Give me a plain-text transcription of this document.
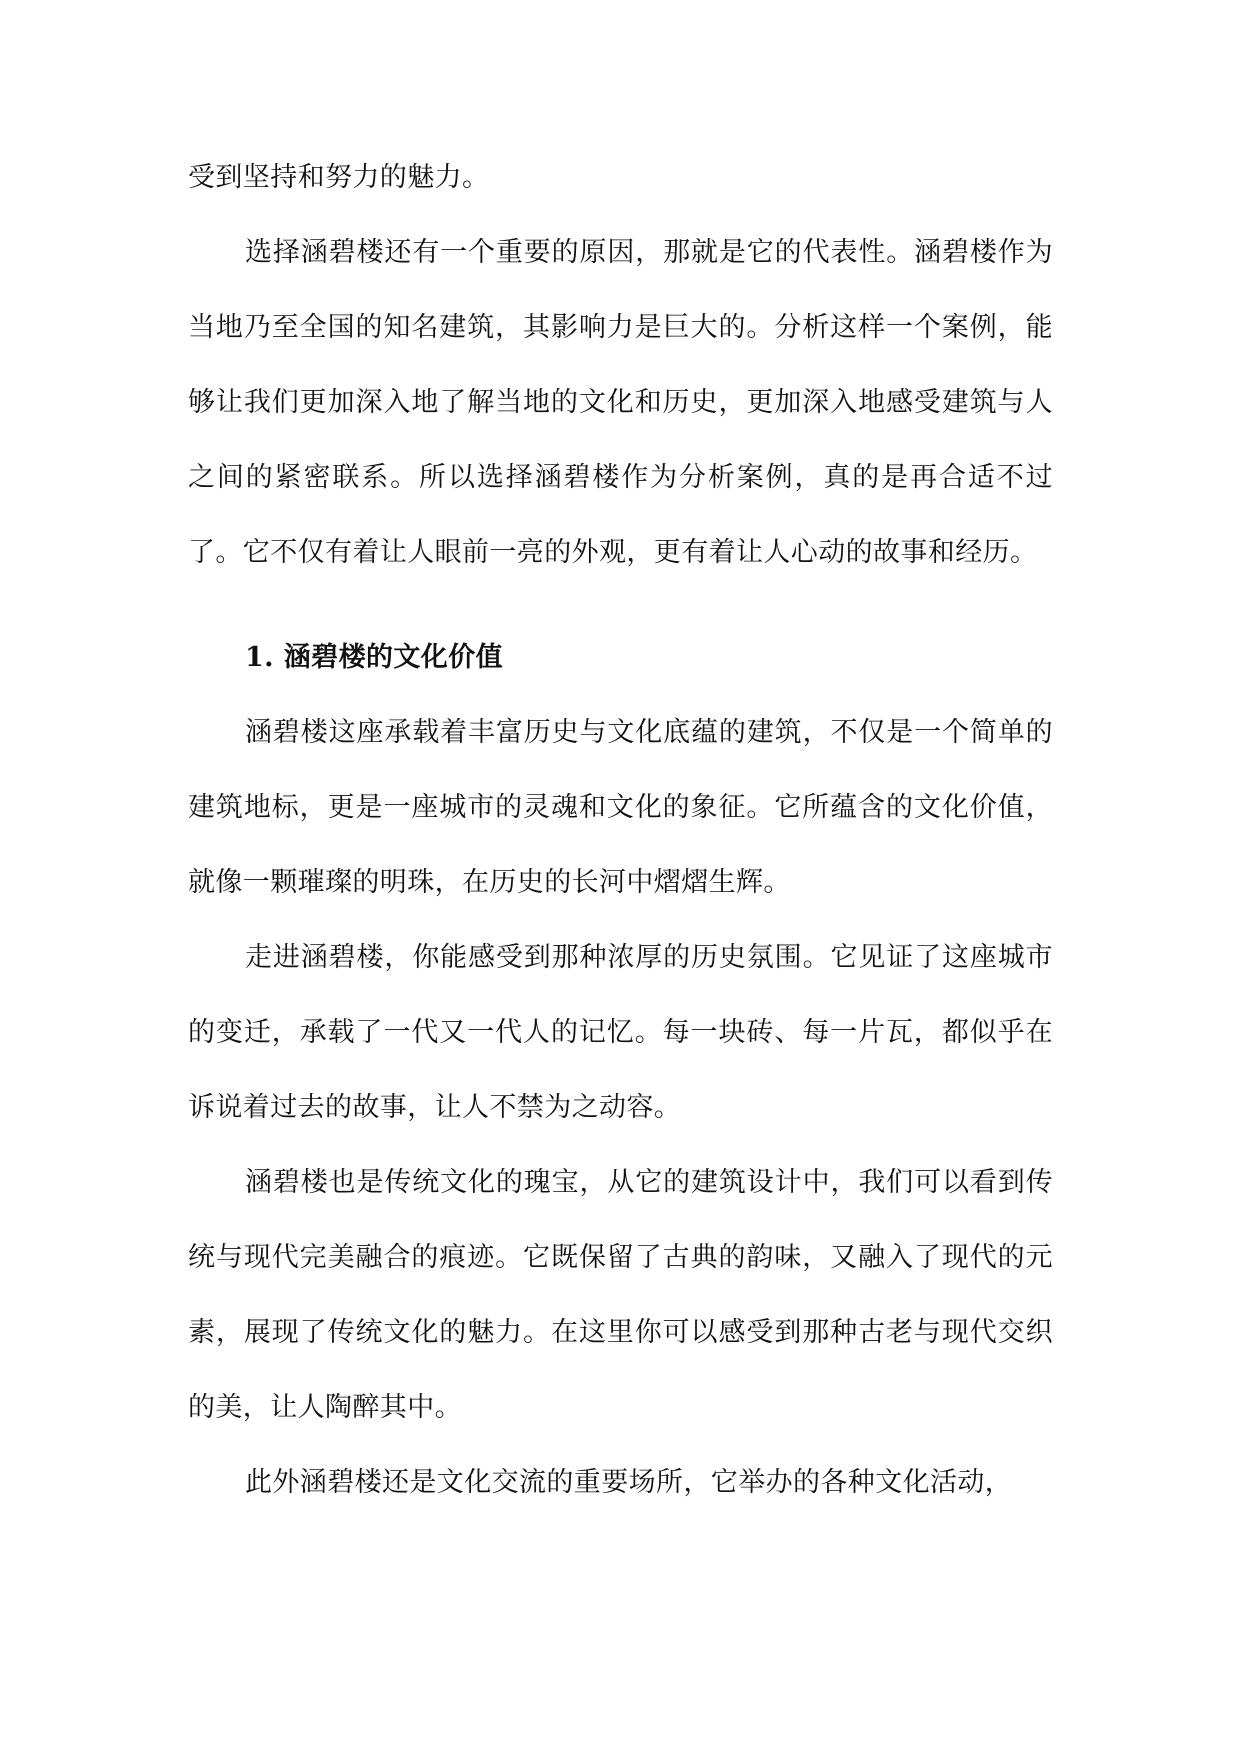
受到坚持和努力的魅力。

选择涵碧楼还有一个重要的原因，那就是它的代表性。涵碧楼作为当地乃至全国的知名建筑，其影响力是巨大的。分析这样一个案例，能够让我们更加深入地了解当地的文化和历史，更加深入地感受建筑与人之间的紧密联系。所以选择涵碧楼作为分析案例，真的是再合适不过了。它不仅有着让人眼前一亮的外观，更有着让人心动的故事和经历。

1. 涵碧楼的文化价值

涵碧楼这座承载着丰富历史与文化底蕴的建筑，不仅是一个简单的建筑地标，更是一座城市的灵魂和文化的象征。它所蕴含的文化价值，就像一颗璀璨的明珠，在历史的长河中熠熠生辉。

走进涵碧楼，你能感受到那种浓厚的历史氛围。它见证了这座城市的变迁，承载了一代又一代人的记忆。每一块砖、每一片瓦，都似乎在诉说着过去的故事，让人不禁为之动容。

涵碧楼也是传统文化的瑰宝，从它的建筑设计中，我们可以看到传统与现代完美融合的痕迹。它既保留了古典的韵味，又融入了现代的元素，展现了传统文化的魅力。在这里你可以感受到那种古老与现代交织的美，让人陶醉其中。

此外涵碧楼还是文化交流的重要场所，它举办的各种文化活动，
